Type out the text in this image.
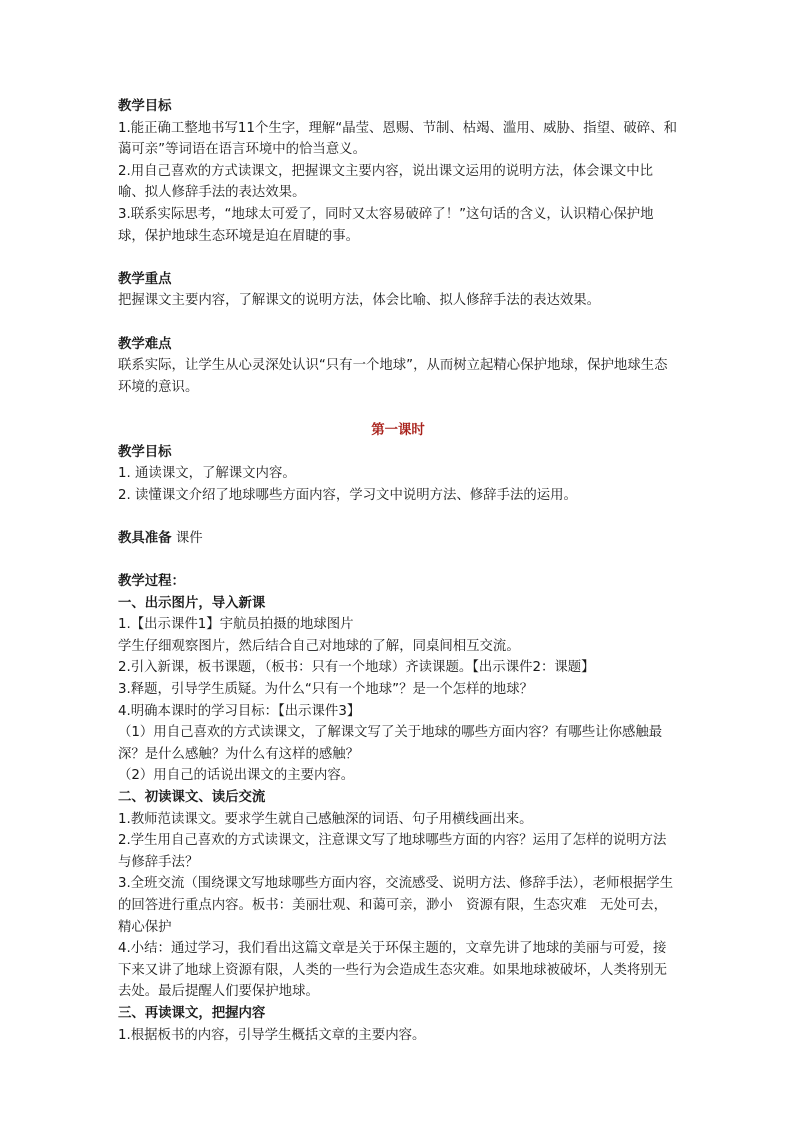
教学目标

1.能正确工整地书写11个生字，理解“晶莹、恩赐、节制、枯竭、滥用、威胁、指望、破碎、和蔼可亲”等词语在语言环境中的恰当意义。

2.用自己喜欢的方式读课文，把握课文主要内容，说出课文运用的说明方法，体会课文中比喻、拟人修辞手法的表达效果。

3.联系实际思考，“地球太可爱了，同时又太容易破碎了！”这句话的含义，认识精心保护地球，保护地球生态环境是迫在眉睫的事。

教学重点

把握课文主要内容，了解课文的说明方法，体会比喻、拟人修辞手法的表达效果。

教学难点

联系实际，让学生从心灵深处认识“只有一个地球”，从而树立起精心保护地球，保护地球生态环境的意识。

第一课时

教学目标

1. 通读课文，了解课文内容。

2. 读懂课文介绍了地球哪些方面内容，学习文中说明方法、修辞手法的运用。

教具准备 课件

教学过程：

一、出示图片，导入新课

1.【出示课件1】宇航员拍摄的地球图片

学生仔细观察图片，然后结合自己对地球的了解，同桌间相互交流。

2.引入新课，板书课题，（板书：只有一个地球）齐读课题。【出示课件2：课题】

3.释题，引导学生质疑。为什么“只有一个地球”？是一个怎样的地球？

4.明确本课时的学习目标：【出示课件3】

（1）用自己喜欢的方式读课文，了解课文写了关于地球的哪些方面内容？有哪些让你感触最深？是什么感触？为什么有这样的感触？

（2）用自己的话说出课文的主要内容。

二、初读课文、读后交流

1.教师范读课文。要求学生就自己感触深的词语、句子用横线画出来。

2.学生用自己喜欢的方式读课文，注意课文写了地球哪些方面的内容？运用了怎样的说明方法与修辞手法？

3.全班交流（围绕课文写地球哪些方面内容，交流感受、说明方法、修辞手法），老师根据学生的回答进行重点内容。板书：美丽壮观、和蔼可亲，渺小　资源有限，生态灾难　无处可去，精心保护

4.小结：通过学习，我们看出这篇文章是关于环保主题的，文章先讲了地球的美丽与可爱，接下来又讲了地球上资源有限，人类的一些行为会造成生态灾难。如果地球被破坏，人类将别无去处。最后提醒人们要保护地球。

三、再读课文，把握内容

1.根据板书的内容，引导学生概括文章的主要内容。
